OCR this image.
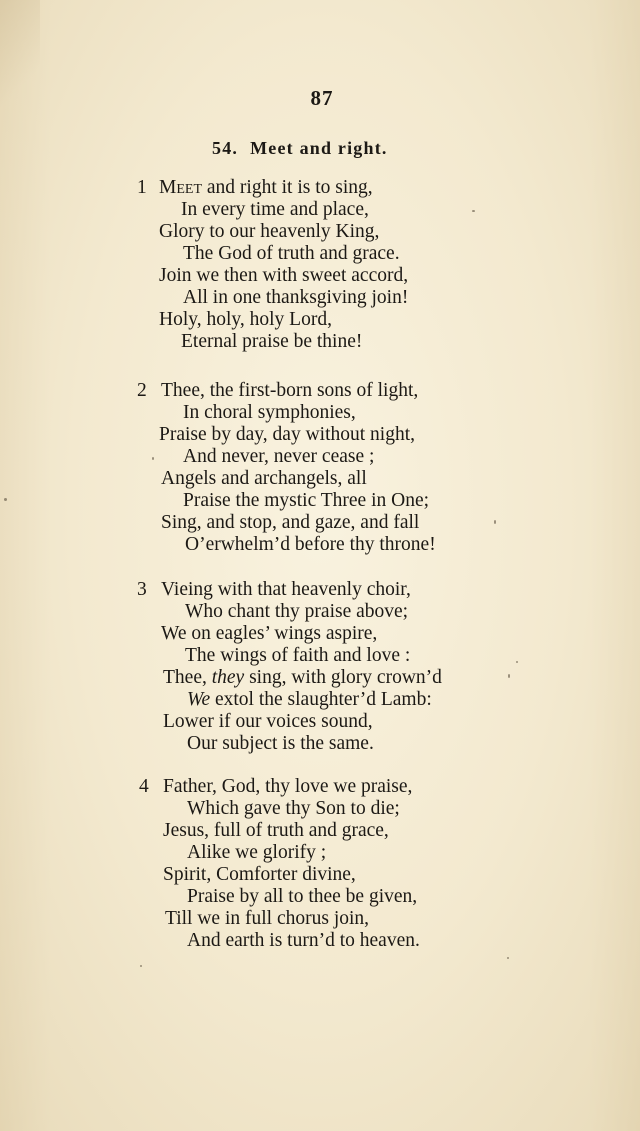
87
54. Meet and right.
1 Meet and right it is to sing,
In every time and place,
Glory to our heavenly King,
The God of truth and grace.
Join we then with sweet accord,
All in one thanksgiving join!
Holy, holy, holy Lord,
Eternal praise be thine!
2 Thee, the first-born sons of light,
In choral symphonies,
Praise by day, day without night,
And never, never cease ;
Angels and archangels, all
Praise the mystic Three in One;
Sing, and stop, and gaze, and fall
O’erwhelm’d before thy throne!
3 Vieing with that heavenly choir,
Who chant thy praise above;
We on eagles’ wings aspire,
The wings of faith and love :
Thee, they sing, with glory crown’d
We extol the slaughter’d Lamb:
Lower if our voices sound,
Our subject is the same.
4 Father, God, thy love we praise,
Which gave thy Son to die;
Jesus, full of truth and grace,
Alike we glorify ;
Spirit, Comforter divine,
Praise by all to thee be given,
Till we in full chorus join,
And earth is turn’d to heaven.
